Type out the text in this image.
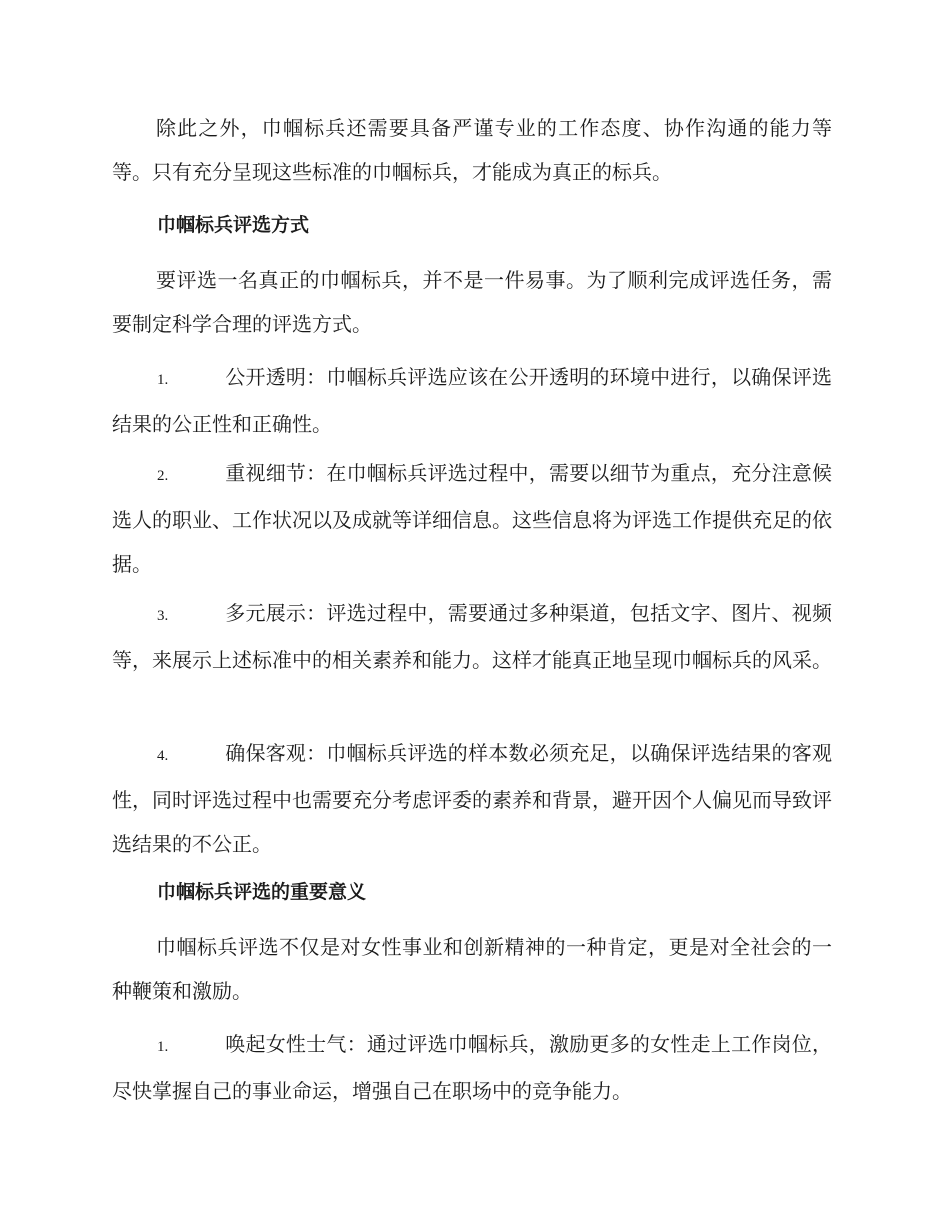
除此之外，巾帼标兵还需要具备严谨专业的工作态度、协作沟通的能力等等。只有充分呈现这些标准的巾帼标兵，才能成为真正的标兵。

巾帼标兵评选方式

要评选一名真正的巾帼标兵，并不是一件易事。为了顺利完成评选任务，需要制定科学合理的评选方式。

1.	公开透明：巾帼标兵评选应该在公开透明的环境中进行，以确保评选结果的公正性和正确性。

2.	重视细节：在巾帼标兵评选过程中，需要以细节为重点，充分注意候选人的职业、工作状况以及成就等详细信息。这些信息将为评选工作提供充足的依据。

3.	多元展示：评选过程中，需要通过多种渠道，包括文字、图片、视频等，来展示上述标准中的相关素养和能力。这样才能真正地呈现巾帼标兵的风采。

4.	确保客观：巾帼标兵评选的样本数必须充足，以确保评选结果的客观性，同时评选过程中也需要充分考虑评委的素养和背景，避开因个人偏见而导致评选结果的不公正。

巾帼标兵评选的重要意义

巾帼标兵评选不仅是对女性事业和创新精神的一种肯定，更是对全社会的一种鞭策和激励。

1.	唤起女性士气：通过评选巾帼标兵，激励更多的女性走上工作岗位，尽快掌握自己的事业命运，增强自己在职场中的竞争能力。
